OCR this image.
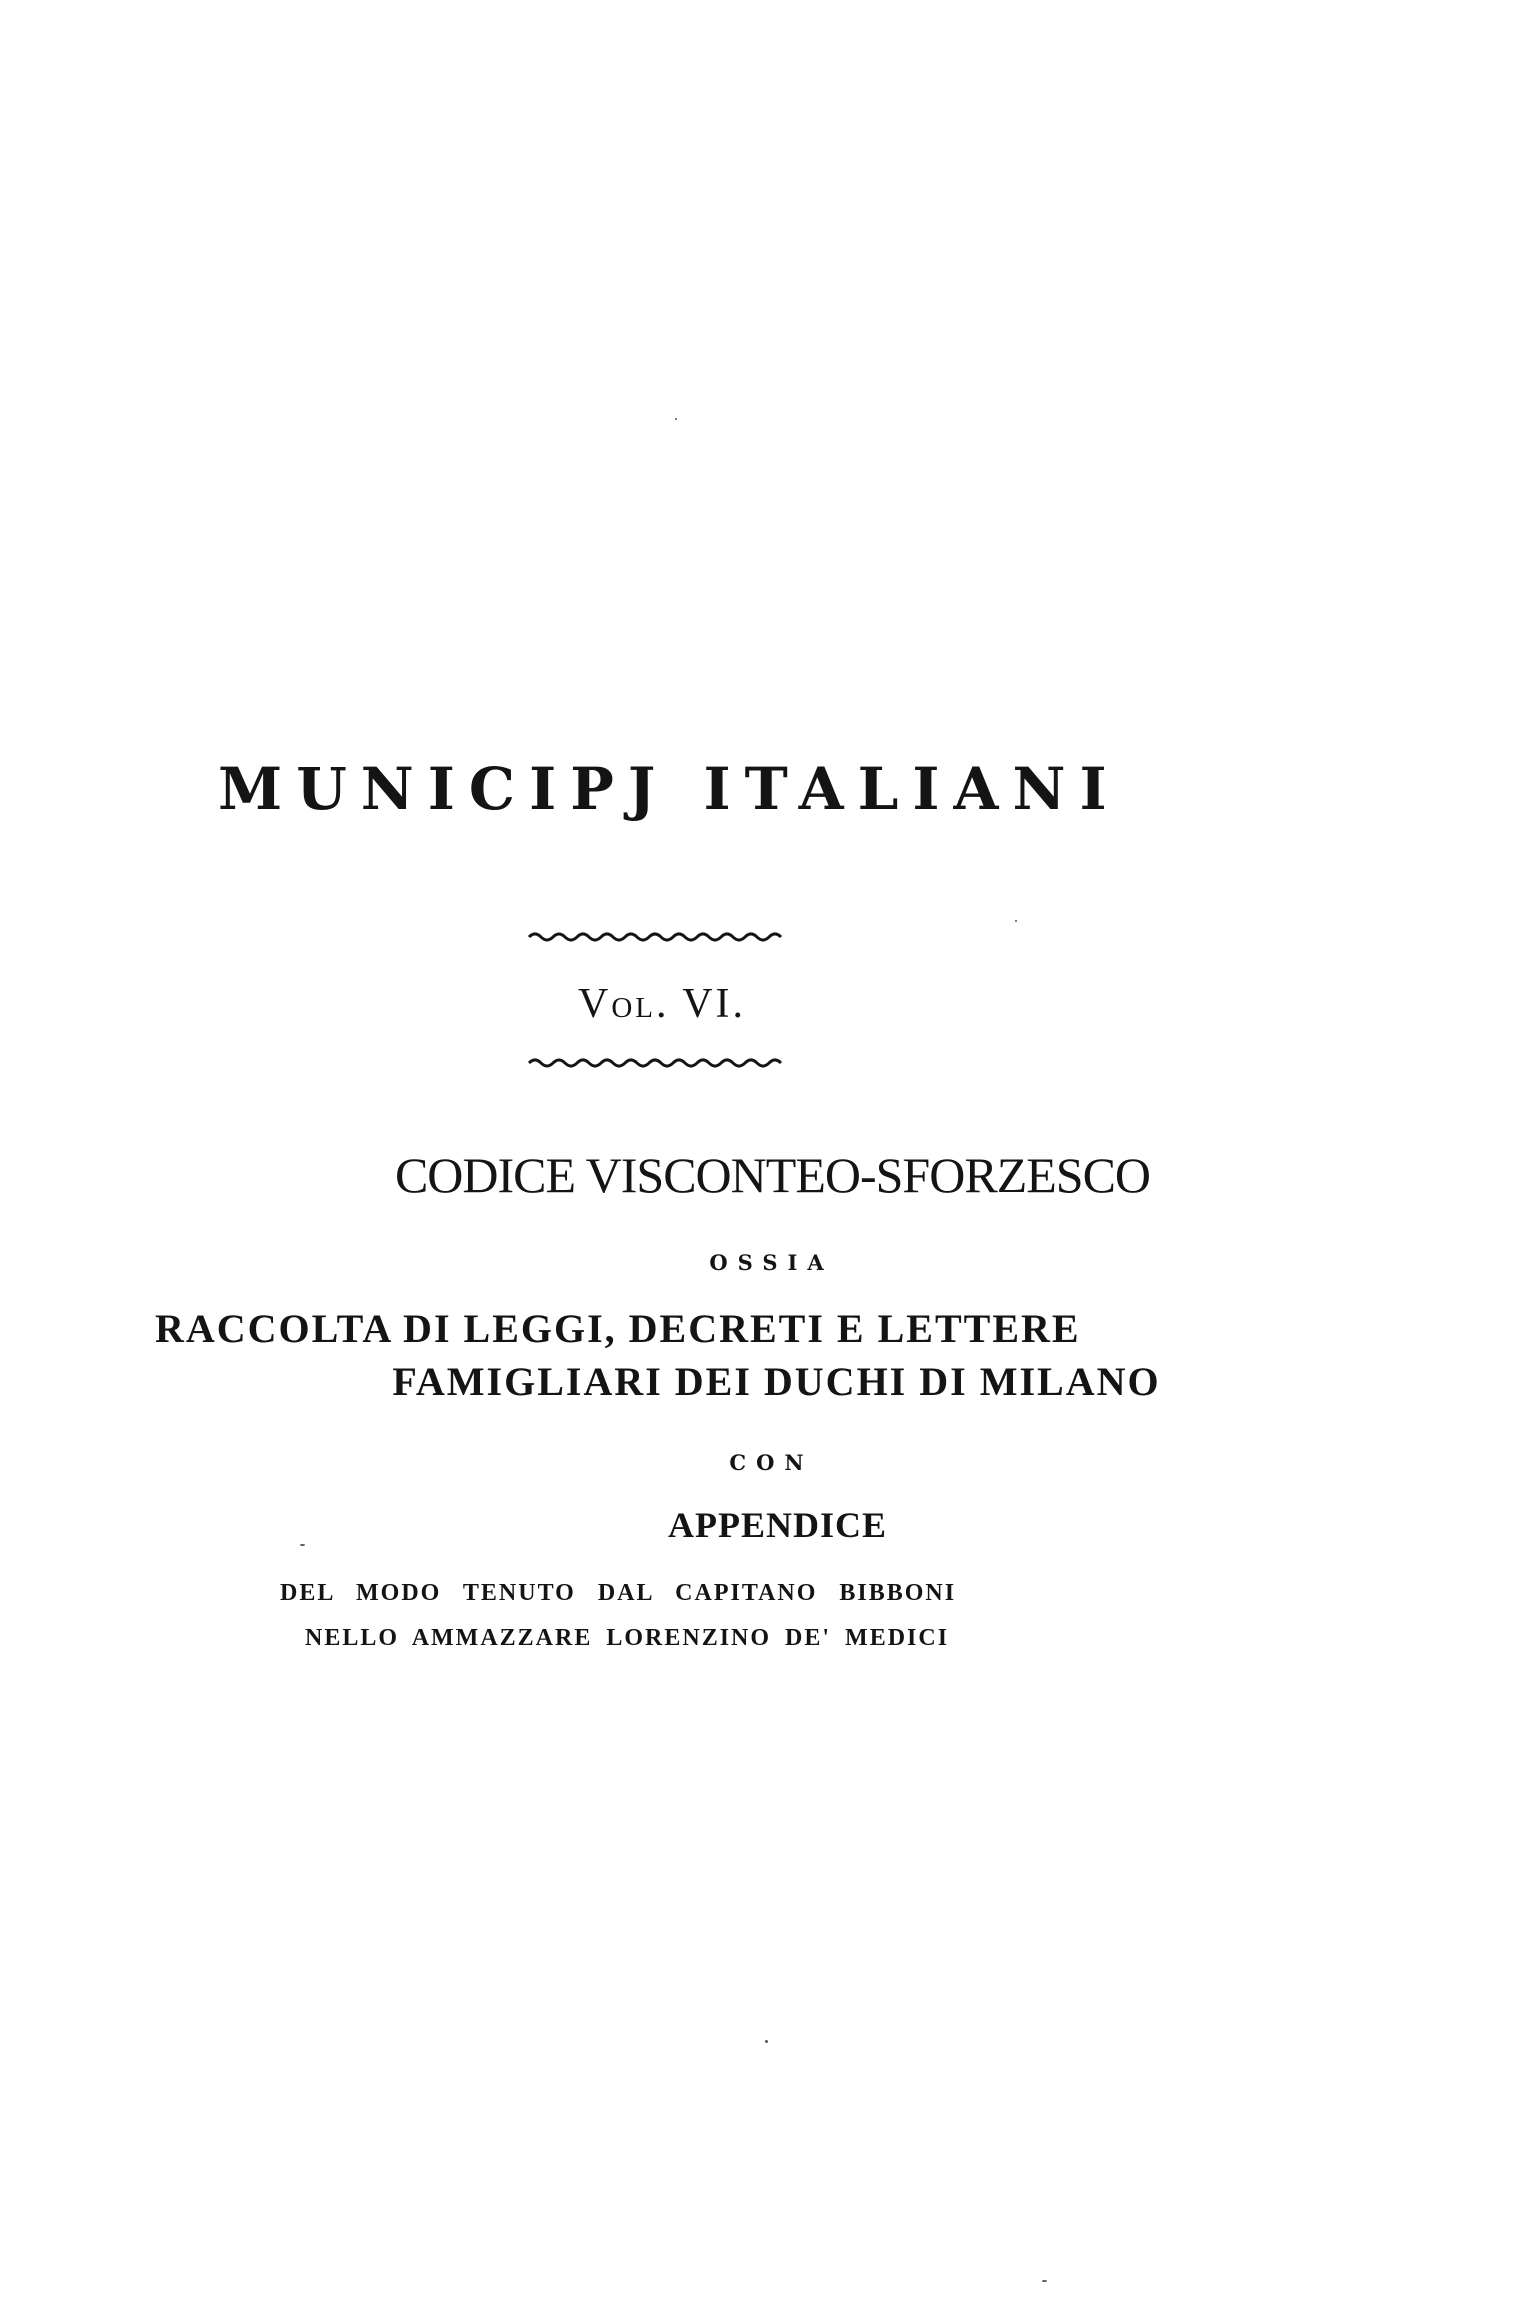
MUNICIPJ ITALIANI
Vol. VI.
CODICE VISCONTEO-SFORZESCO
OSSIA
RACCOLTA DI LEGGI, DECRETI E LETTERE
FAMIGLIARI DEI DUCHI DI MILANO
CON
APPENDICE
DEL MODO TENUTO DAL CAPITANO BIBBONI
NELLO AMMAZZARE LORENZINO DE' MEDICI
